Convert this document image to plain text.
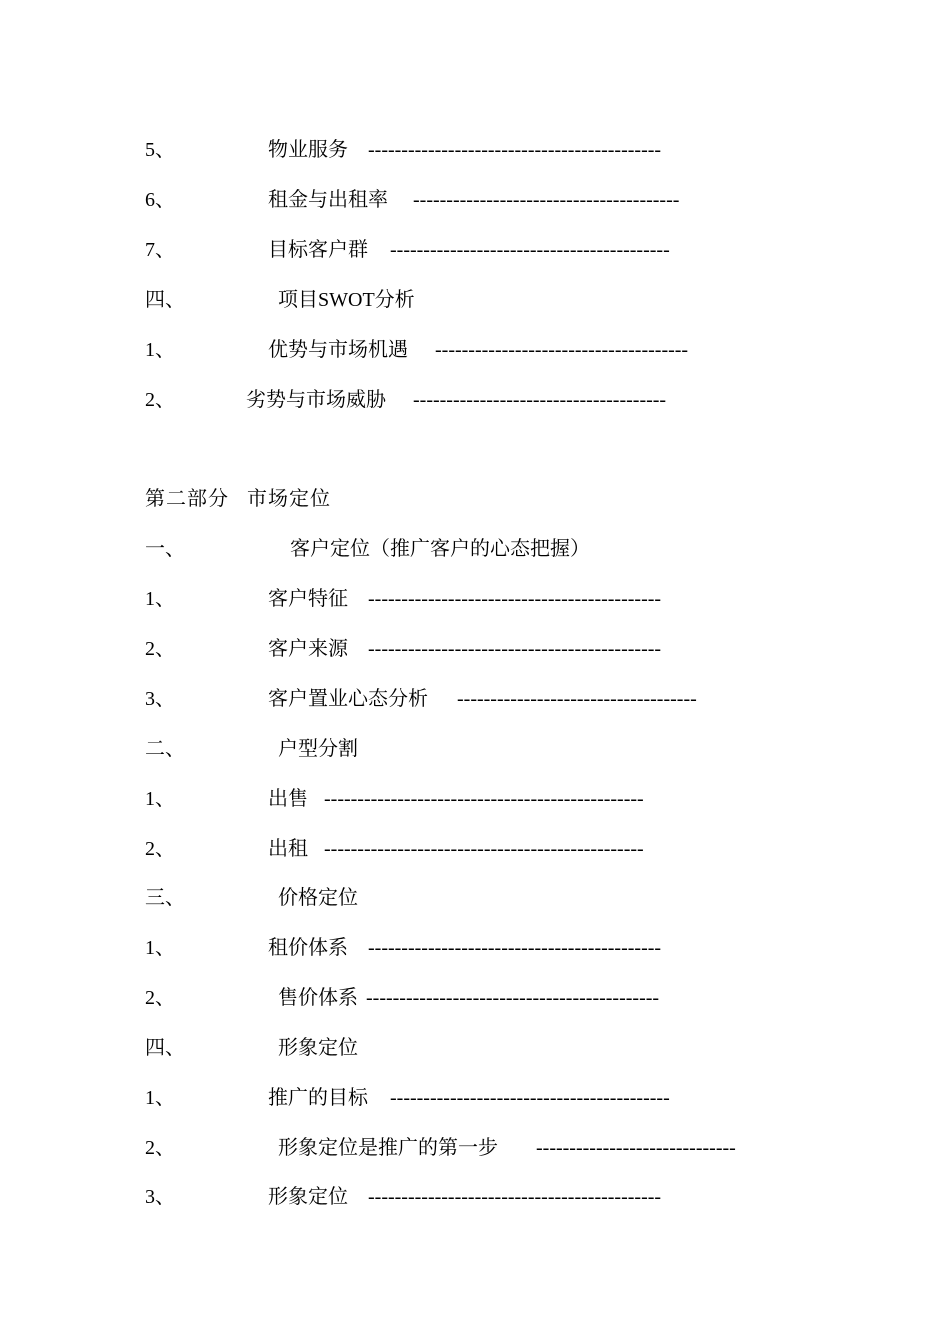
5、	物业服务 --------------------------------------------
6、	租金与出租率 ----------------------------------------
7、	目标客户群 ------------------------------------------
四、	项目SWOT分析
1、	优势与市场机遇 --------------------------------------
2、	劣势与市场威胁 --------------------------------------
第二部分 市场定位
一、	客户定位（推广客户的心态把握）
1、	客户特征 --------------------------------------------
2、	客户来源 --------------------------------------------
3、	客户置业心态分析 ------------------------------------
二、	户型分割
1、	出售 ------------------------------------------------
2、	出租 ------------------------------------------------
三、	价格定位
1、	租价体系 --------------------------------------------
2、	售价体系 --------------------------------------------
四、	形象定位
1、	推广的目标 ------------------------------------------
2、	形象定位是推广的第一步 ------------------------------
3、	形象定位 --------------------------------------------
